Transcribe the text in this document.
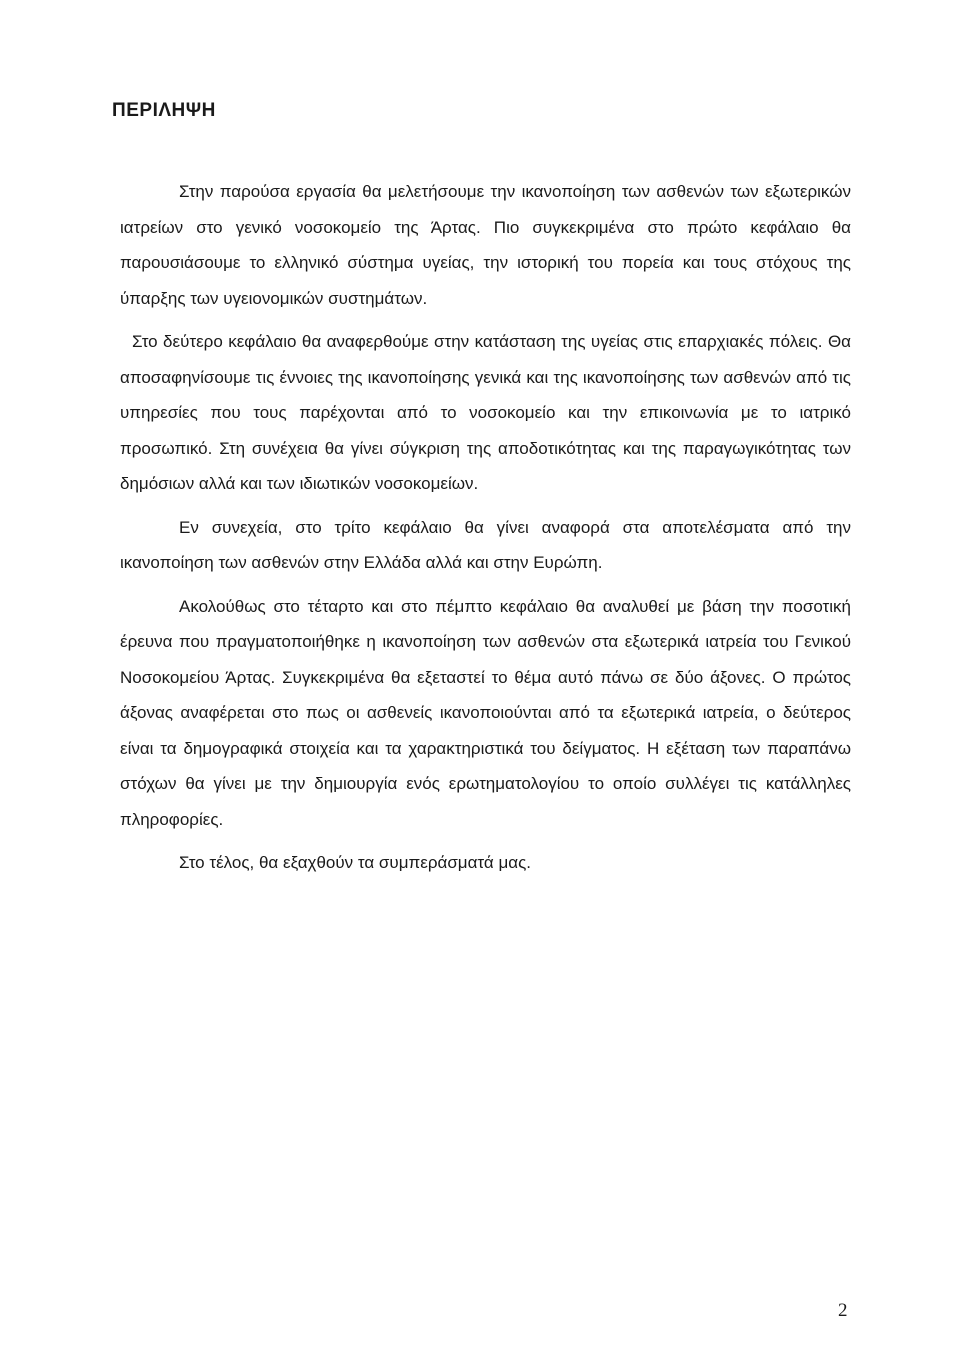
ΠΕΡΙΛΗΨΗ

Στην παρούσα εργασία θα μελετήσουμε την ικανοποίηση των ασθενών των εξωτερικών ιατρείων στο γενικό νοσοκομείο της Άρτας. Πιο συγκεκριμένα στο πρώτο κεφάλαιο θα παρουσιάσουμε το ελληνικό σύστημα υγείας, την ιστορική του πορεία και τους στόχους της ύπαρξης των υγειονομικών συστημάτων.

Στο δεύτερο κεφάλαιο θα αναφερθούμε στην κατάσταση της υγείας στις επαρχιακές πόλεις. Θα αποσαφηνίσουμε τις έννοιες της ικανοποίησης γενικά και της ικανοποίησης των ασθενών από τις υπηρεσίες που τους παρέχονται από το νοσοκομείο και την επικοινωνία με το ιατρικό προσωπικό. Στη συνέχεια θα γίνει σύγκριση της αποδοτικότητας και της παραγωγικότητας των δημόσιων αλλά και των ιδιωτικών νοσοκομείων.

Εν συνεχεία, στο τρίτο κεφάλαιο θα γίνει αναφορά στα αποτελέσματα από την ικανοποίηση των ασθενών στην Ελλάδα αλλά και στην Ευρώπη.

Ακολούθως στο τέταρτο και στο πέμπτο κεφάλαιο θα αναλυθεί με βάση την ποσοτική έρευνα που πραγματοποιήθηκε η ικανοποίηση των ασθενών στα εξωτερικά ιατρεία του Γενικού Νοσοκομείου Άρτας. Συγκεκριμένα θα εξεταστεί το θέμα αυτό πάνω σε δύο άξονες. Ο πρώτος άξονας αναφέρεται στο πως οι ασθενείς ικανοποιούνται από τα εξωτερικά ιατρεία, ο δεύτερος είναι τα δημογραφικά στοιχεία και τα χαρακτηριστικά του δείγματος. Η εξέταση των παραπάνω στόχων θα γίνει με την δημιουργία ενός ερωτηματολογίου το οποίο συλλέγει τις κατάλληλες πληροφορίες.

Στο τέλος, θα εξαχθούν τα συμπεράσματά μας.

2
